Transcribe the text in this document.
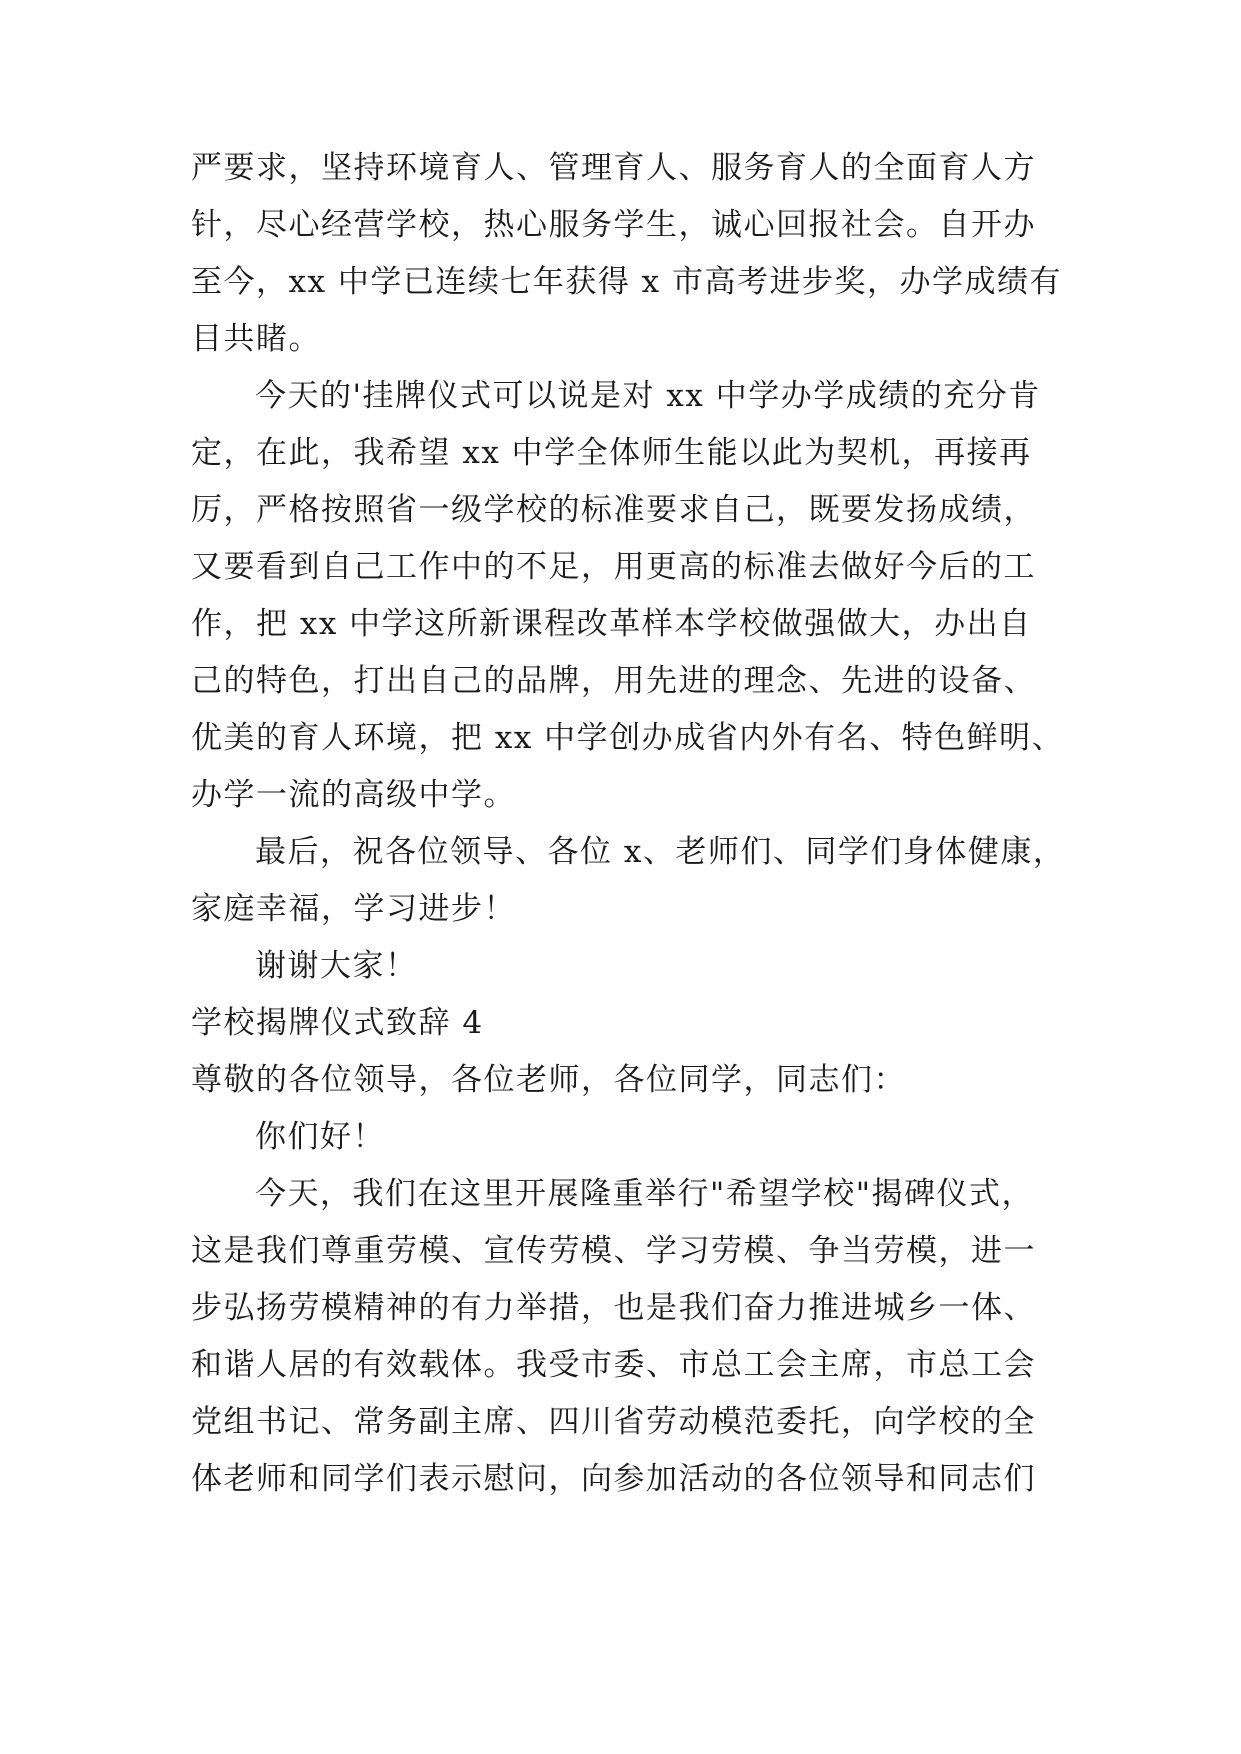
严要求，坚持环境育人、管理育人、服务育人的全面育人方
针，尽心经营学校，热心服务学生，诚心回报社会。自开办
至今，xx 中学已连续七年获得 x 市高考进步奖，办学成绩有
目共睹。
今天的'挂牌仪式可以说是对 xx 中学办学成绩的充分肯
定，在此，我希望 xx 中学全体师生能以此为契机，再接再
厉，严格按照省一级学校的标准要求自己，既要发扬成绩，
又要看到自己工作中的不足，用更高的标准去做好今后的工
作，把 xx 中学这所新课程改革样本学校做强做大，办出自
己的特色，打出自己的品牌，用先进的理念、先进的设备、
优美的育人环境，把 xx 中学创办成省内外有名、特色鲜明、
办学一流的高级中学。
最后，祝各位领导、各位 x、老师们、同学们身体健康，
家庭幸福，学习进步！
谢谢大家！
学校揭牌仪式致辞 4
尊敬的各位领导，各位老师，各位同学，同志们：
你们好！
今天，我们在这里开展隆重举行"希望学校"揭碑仪式，
这是我们尊重劳模、宣传劳模、学习劳模、争当劳模，进一
步弘扬劳模精神的有力举措，也是我们奋力推进城乡一体、
和谐人居的有效载体。我受市委、市总工会主席，市总工会
党组书记、常务副主席、四川省劳动模范委托，向学校的全
体老师和同学们表示慰问，向参加活动的各位领导和同志们
